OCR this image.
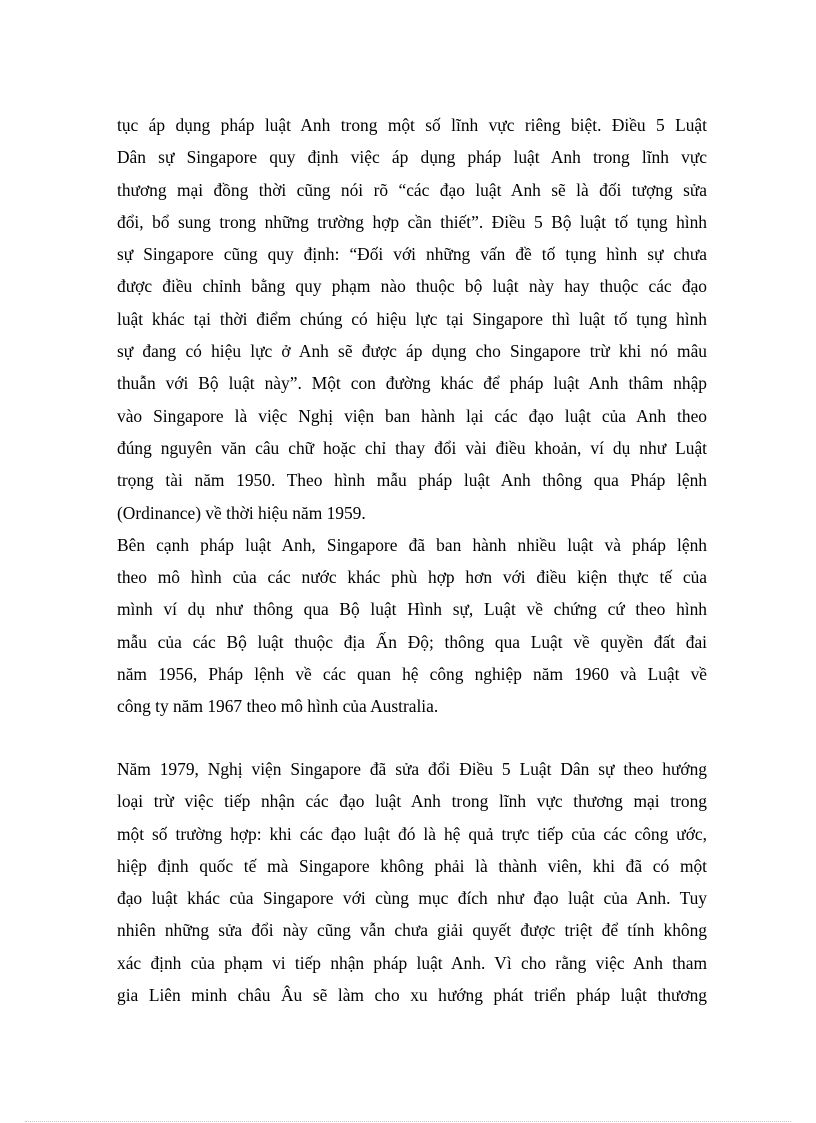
tục áp dụng pháp luật Anh trong một số lĩnh vực riêng biệt. Điều 5 Luật
Dân sự Singapore quy định việc áp dụng pháp luật Anh trong lĩnh vực
thương mại đồng thời cũng nói rõ “các đạo luật Anh sẽ là đối tượng sửa
đổi, bổ sung trong những trường hợp cần thiết”. Điều 5 Bộ luật tố tụng hình
sự Singapore cũng quy định: “Đối với những vấn đề tố tụng hình sự chưa
được điều chỉnh bằng quy phạm nào thuộc bộ luật này hay thuộc các đạo
luật khác tại thời điểm chúng có hiệu lực tại Singapore thì luật tố tụng hình
sự đang có hiệu lực ở Anh sẽ được áp dụng cho Singapore trừ khi nó mâu
thuẫn với Bộ luật này”. Một con đường khác để pháp luật Anh thâm nhập
vào Singapore là việc Nghị viện ban hành lại các đạo luật của Anh theo
đúng nguyên văn câu chữ hoặc chỉ thay đổi vài điều khoản, ví dụ như Luật
trọng tài năm 1950. Theo hình mẫu pháp luật Anh thông qua Pháp lệnh
(Ordinance) về thời hiệu năm 1959.
Bên cạnh pháp luật Anh, Singapore đã ban hành nhiều luật và pháp lệnh
theo mô hình của các nước khác phù hợp hơn với điều kiện thực tế của
mình ví dụ như thông qua Bộ luật Hình sự, Luật về chứng cứ theo hình
mẫu của các Bộ luật thuộc địa Ấn Độ; thông qua Luật về quyền đất đai
năm 1956, Pháp lệnh về các quan hệ công nghiệp năm 1960 và Luật về
công ty năm 1967 theo mô hình của Australia.
Năm 1979, Nghị viện Singapore đã sửa đổi Điều 5 Luật Dân sự theo hướng
loại trừ việc tiếp nhận các đạo luật Anh trong lĩnh vực thương mại trong
một số trường hợp: khi các đạo luật đó là hệ quả trực tiếp của các công ước,
hiệp định quốc tế mà Singapore không phải là thành viên, khi đã có một
đạo luật khác của Singapore với cùng mục đích như đạo luật của Anh. Tuy
nhiên những sửa đổi này cũng vẫn chưa giải quyết được triệt để tính không
xác định của phạm vi tiếp nhận pháp luật Anh. Vì cho rằng việc Anh tham
gia Liên minh châu Âu sẽ làm cho xu hướng phát triển pháp luật thương
